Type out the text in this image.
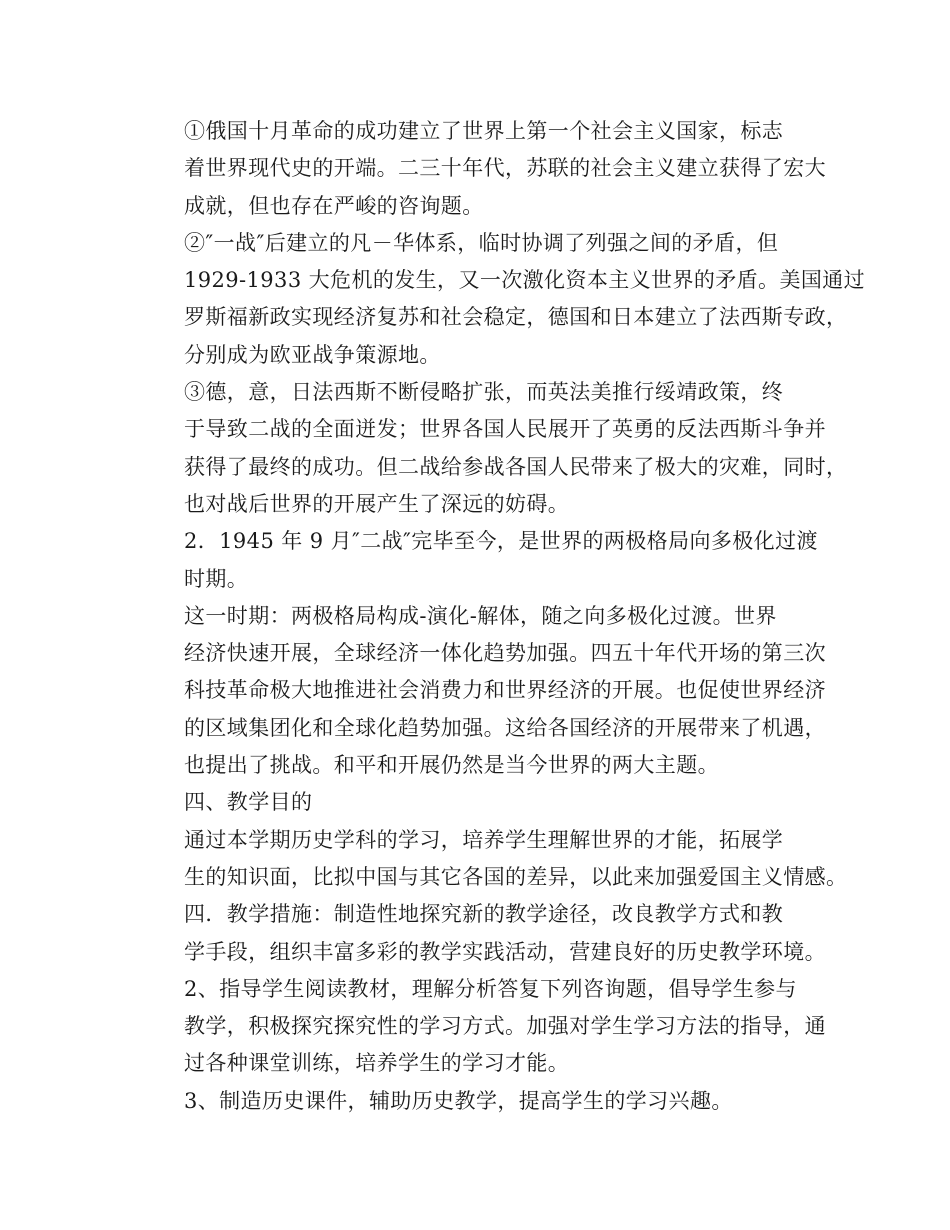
①俄国十月革命的成功建立了世界上第一个社会主义国家，标志
着世界现代史的开端。二三十年代，苏联的社会主义建立获得了宏大
成就，但也存在严峻的咨询题。

②″一战″后建立的凡－华体系，临时协调了列强之间的矛盾，但
1929-1933 大危机的发生，又一次激化资本主义世界的矛盾。美国通过
罗斯福新政实现经济复苏和社会稳定，德国和日本建立了法西斯专政，
分别成为欧亚战争策源地。

③德，意，日法西斯不断侵略扩张，而英法美推行绥靖政策，终
于导致二战的全面迸发；世界各国人民展开了英勇的反法西斯斗争并
获得了最终的成功。但二战给参战各国人民带来了极大的灾难，同时，
也对战后世界的开展产生了深远的妨碍。

2．1945 年 9 月″二战″完毕至今，是世界的两极格局向多极化过渡
时期。

这一时期：两极格局构成-演化-解体，随之向多极化过渡。世界
经济快速开展，全球经济一体化趋势加强。四五十年代开场的第三次
科技革命极大地推进社会消费力和世界经济的开展。也促使世界经济
的区域集团化和全球化趋势加强。这给各国经济的开展带来了机遇，
也提出了挑战。和平和开展仍然是当今世界的两大主题。

四、教学目的

通过本学期历史学科的学习，培养学生理解世界的才能，拓展学
生的知识面，比拟中国与其它各国的差异，以此来加强爱国主义情感。

四．教学措施：制造性地探究新的教学途径，改良教学方式和教
学手段，组织丰富多彩的教学实践活动，营建良好的历史教学环境。

2、指导学生阅读教材，理解分析答复下列咨询题，倡导学生参与
教学，积极探究探究性的学习方式。加强对学生学习方法的指导，通
过各种课堂训练，培养学生的学习才能。

3、制造历史课件，辅助历史教学，提高学生的学习兴趣。
